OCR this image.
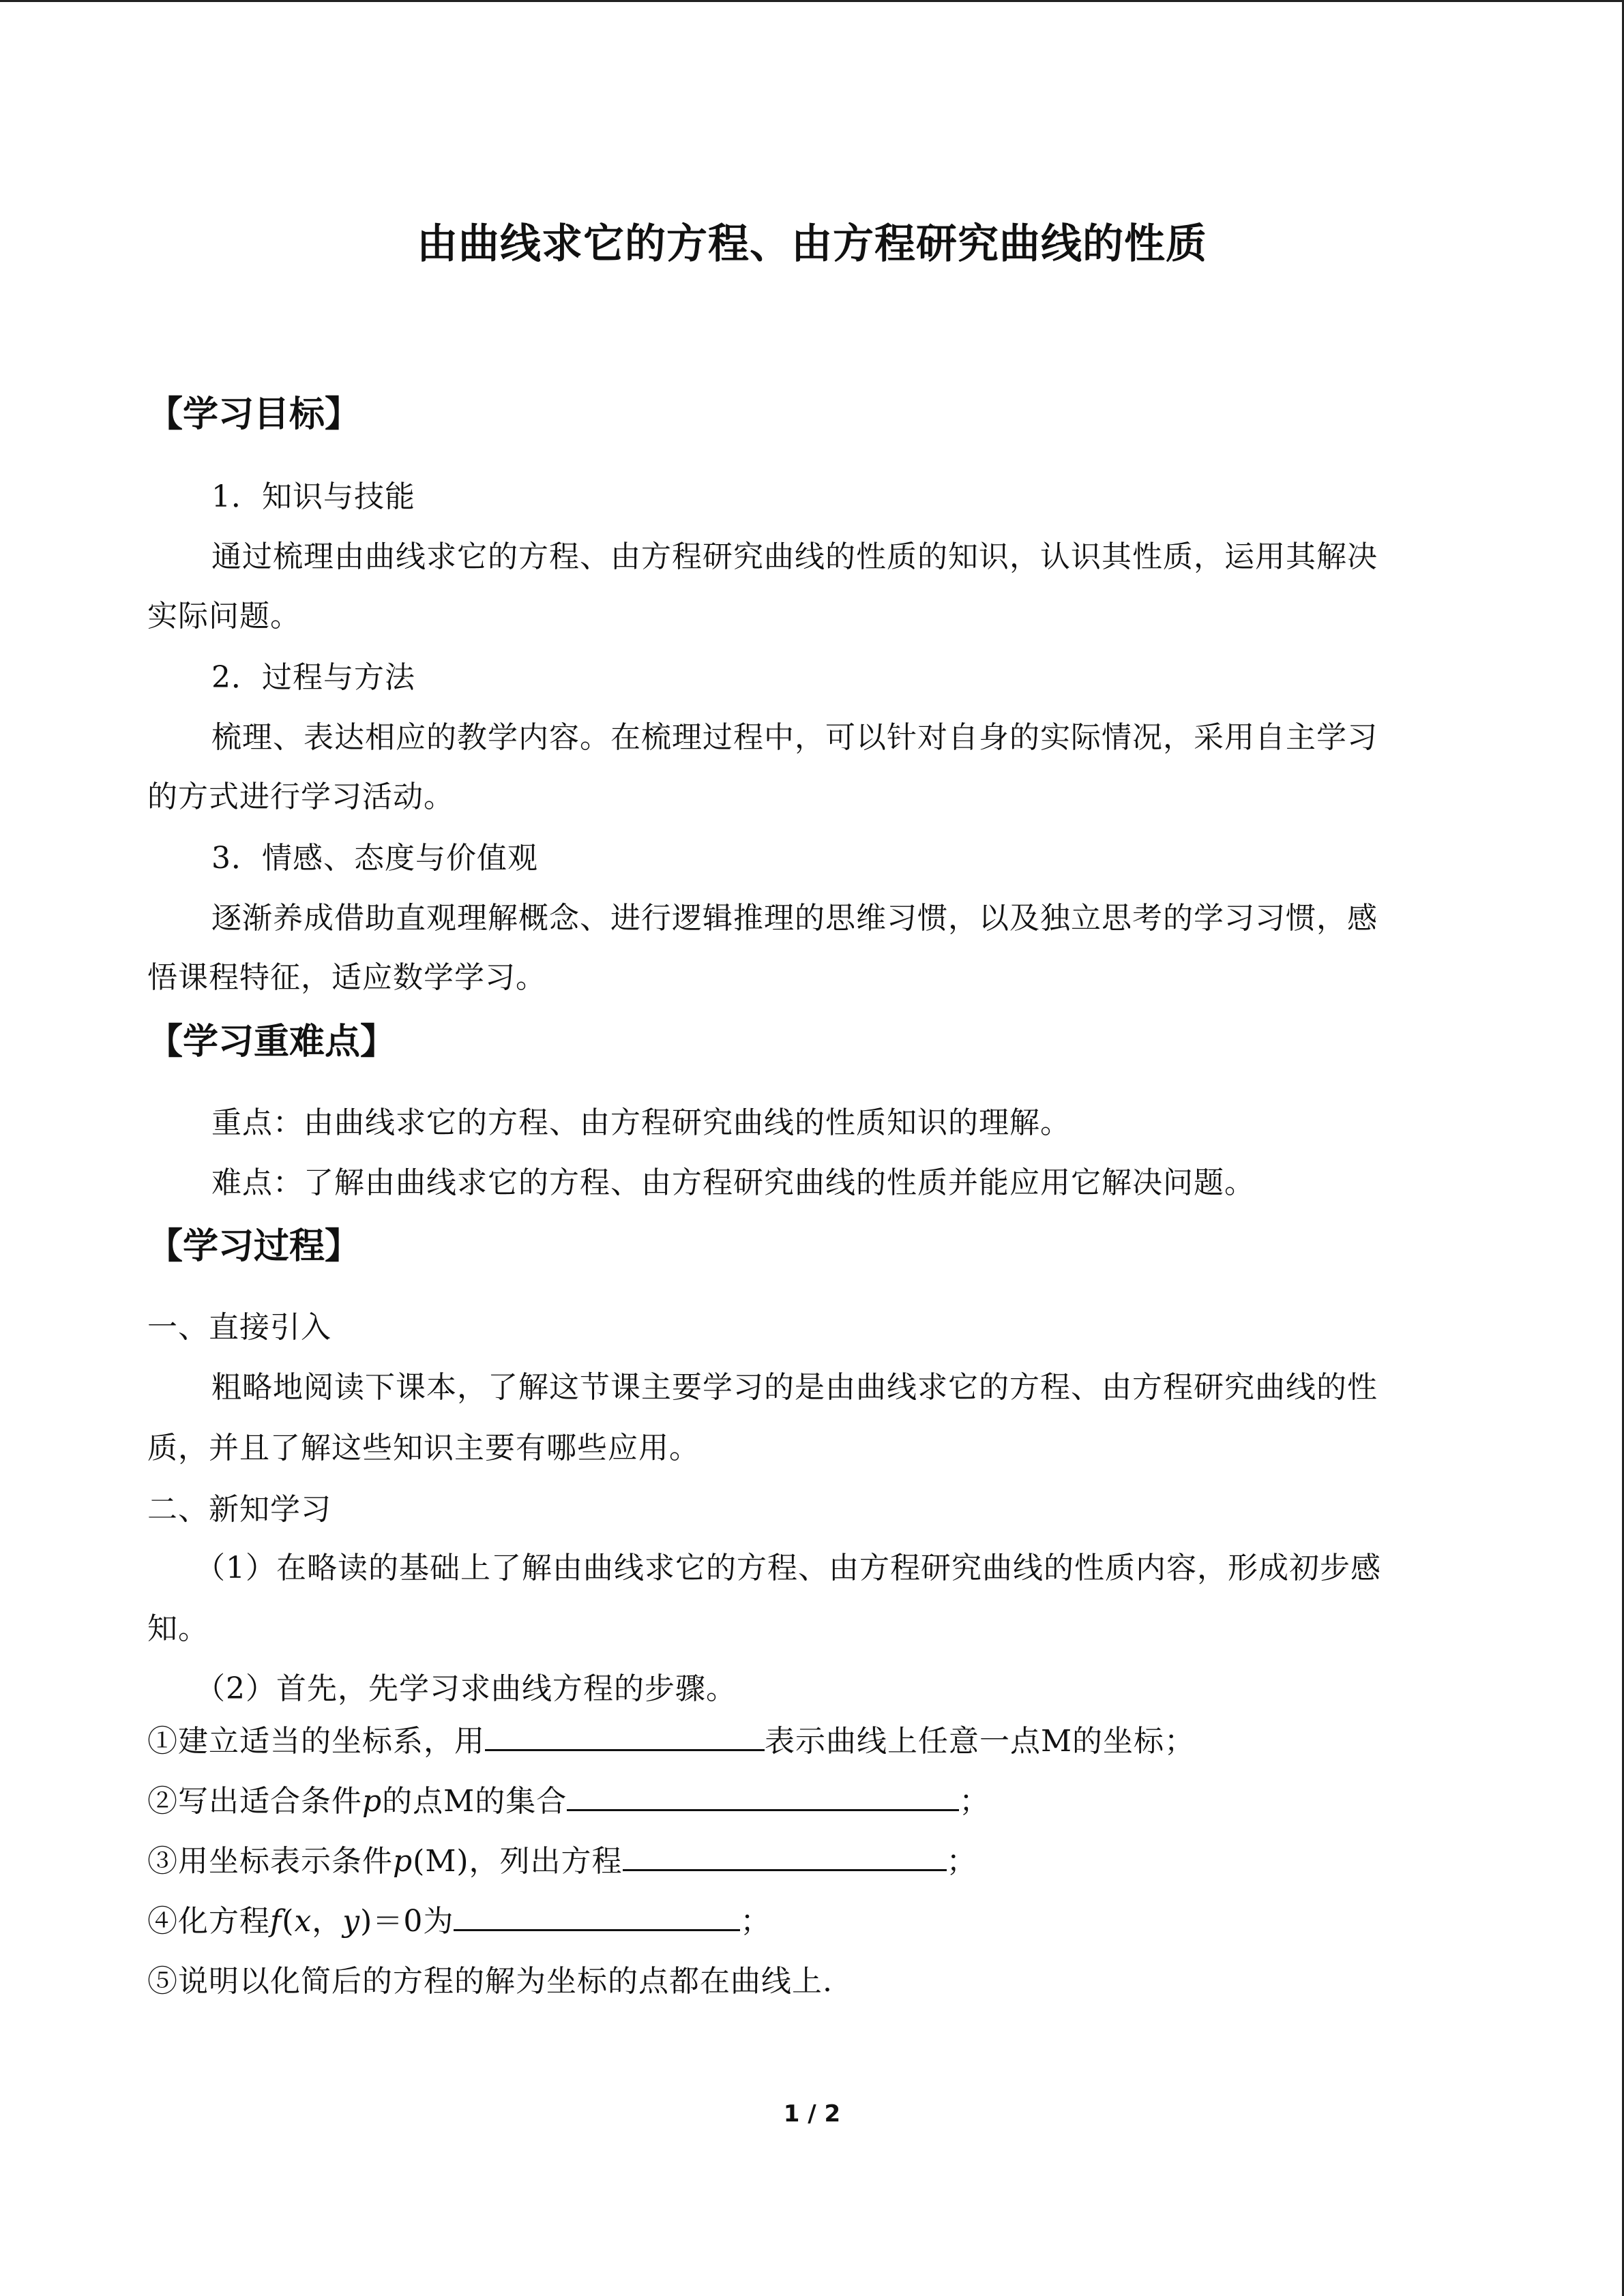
由曲线求它的方程、由方程研究曲线的性质
【学习目标】
1．知识与技能
通过梳理由曲线求它的方程、由方程研究曲线的性质的知识，认识其性质，运用其解决
实际问题。
2．过程与方法
梳理、表达相应的教学内容。在梳理过程中，可以针对自身的实际情况，采用自主学习
的方式进行学习活动。
3．情感、态度与价值观
逐渐养成借助直观理解概念、进行逻辑推理的思维习惯，以及独立思考的学习习惯，感
悟课程特征，适应数学学习。
【学习重难点】
重点：由曲线求它的方程、由方程研究曲线的性质知识的理解。
难点：了解由曲线求它的方程、由方程研究曲线的性质并能应用它解决问题。
【学习过程】
一、直接引入
粗略地阅读下课本，了解这节课主要学习的是由曲线求它的方程、由方程研究曲线的性
质，并且了解这些知识主要有哪些应用。
二、新知学习
（1）在略读的基础上了解由曲线求它的方程、由方程研究曲线的性质内容，形成初步感
知。
（2）首先，先学习求曲线方程的步骤。
①建立适当的坐标系，用	表示曲线上任意一点M的坐标；
②写出适合条件p的点M的集合	；
③用坐标表示条件p(M)，列出方程	；
④化方程f(x，y)＝0为	；
⑤说明以化简后的方程的解为坐标的点都在曲线上.
1 / 2
